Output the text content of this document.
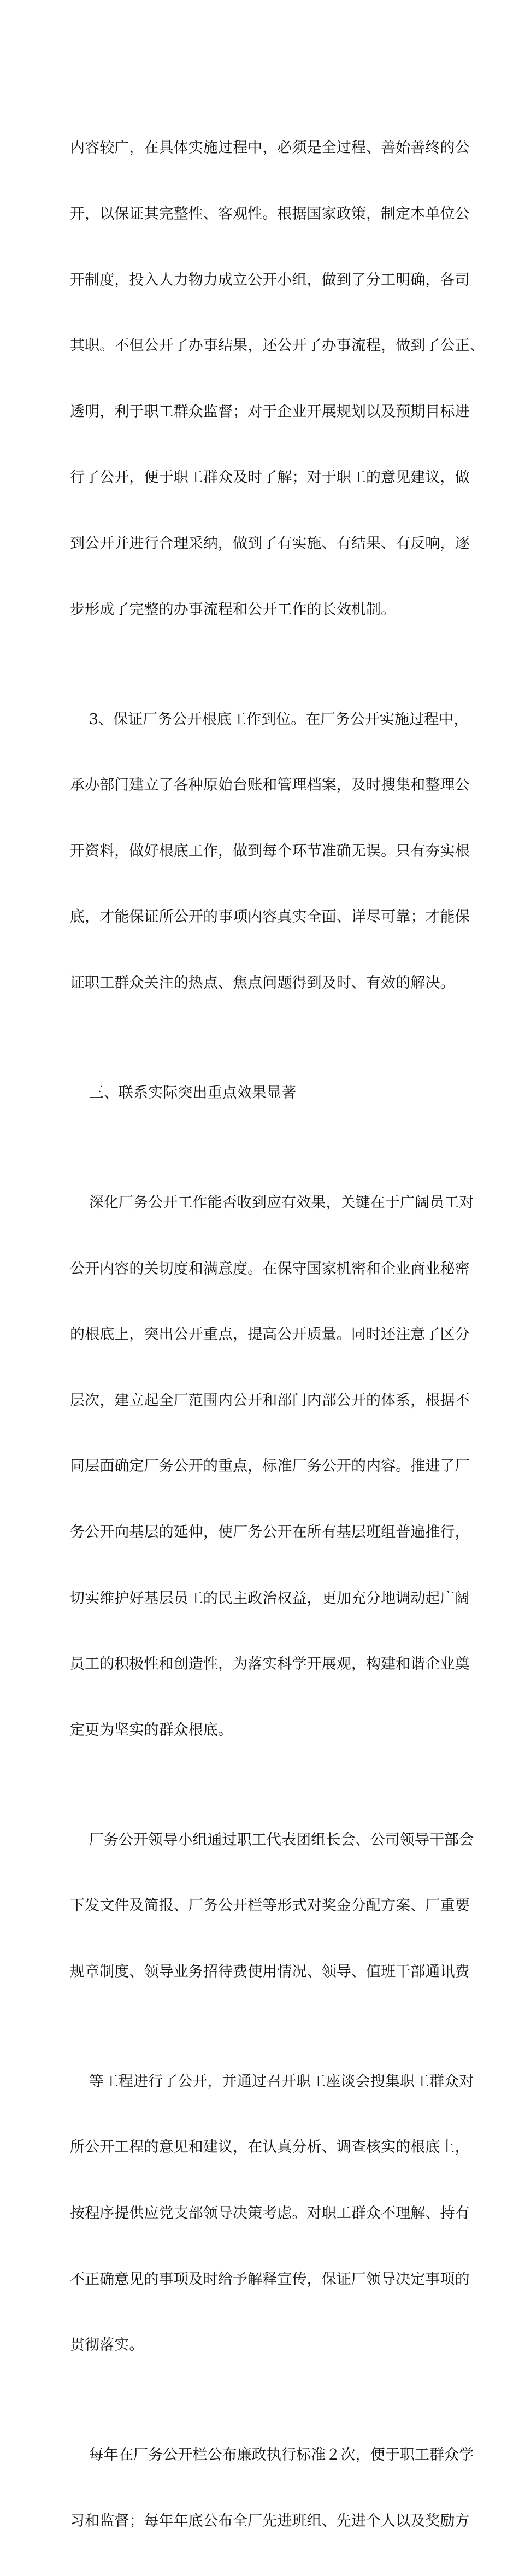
内容较广，在具体实施过程中，必须是全过程、善始善终的公

开，以保证其完整性、客观性。根据国家政策，制定本单位公

开制度，投入人力物力成立公开小组，做到了分工明确，各司

其职。不但公开了办事结果，还公开了办事流程，做到了公正、

透明，利于职工群众监督；对于企业开展规划以及预期目标进

行了公开，便于职工群众及时了解；对于职工的意见建议，做

到公开并进行合理采纳，做到了有实施、有结果、有反响，逐

步形成了完整的办事流程和公开工作的长效机制。

3、保证厂务公开根底工作到位。在厂务公开实施过程中，

承办部门建立了各种原始台账和管理档案，及时搜集和整理公

开资料，做好根底工作，做到每个环节准确无误。只有夯实根

底，才能保证所公开的事项内容真实全面、详尽可靠；才能保

证职工群众关注的热点、焦点问题得到及时、有效的解决。

三、联系实际突出重点效果显著

深化厂务公开工作能否收到应有效果，关键在于广阔员工对

公开内容的关切度和满意度。在保守国家机密和企业商业秘密

的根底上，突出公开重点，提高公开质量。同时还注意了区分

层次，建立起全厂范围内公开和部门内部公开的体系，根据不

同层面确定厂务公开的重点，标准厂务公开的内容。推进了厂

务公开向基层的延伸，使厂务公开在所有基层班组普遍推行，

切实维护好基层员工的民主政治权益，更加充分地调动起广阔

员工的积极性和创造性，为落实科学开展观，构建和谐企业奠

定更为坚实的群众根底。

厂务公开领导小组通过职工代表团组长会、公司领导干部会

下发文件及简报、厂务公开栏等形式对奖金分配方案、厂重要

规章制度、领导业务招待费使用情况、领导、值班干部通讯费

等工程进行了公开，并通过召开职工座谈会搜集职工群众对

所公开工程的意见和建议，在认真分析、调查核实的根底上，

按程序提供应党支部领导决策考虑。对职工群众不理解、持有

不正确意见的事项及时给予解释宣传，保证厂领导决定事项的

贯彻落实。

每年在厂务公开栏公布廉政执行标准２次，便于职工群众学

习和监督；每年年底公布全厂先进班组、先进个人以及奖励方
